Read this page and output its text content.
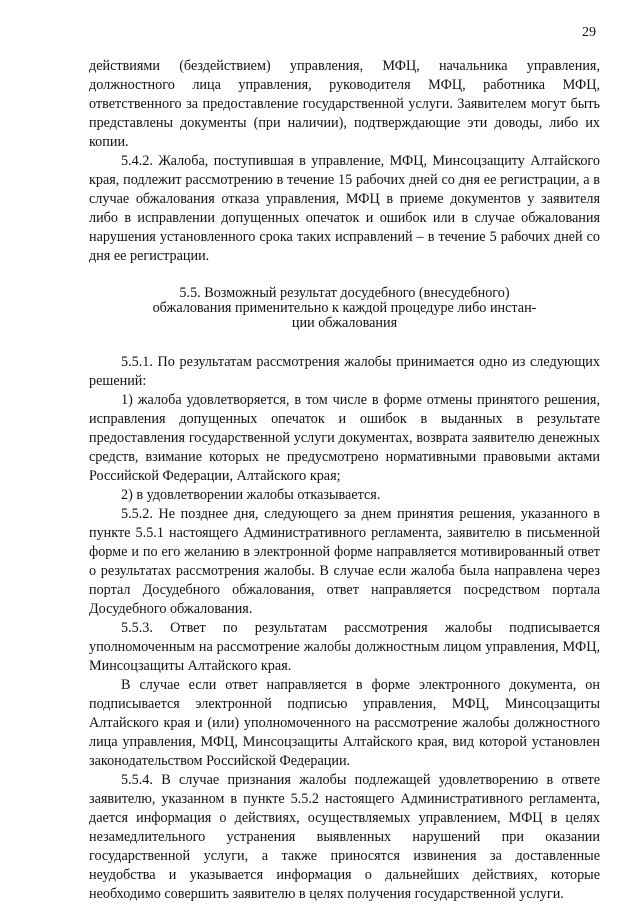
29

действиями (бездействием) управления, МФЦ, начальника управления, должностного лица управления, руководителя МФЦ, работника МФЦ, ответственного за предоставление государственной услуги. Заявителем могут быть представлены документы (при наличии), подтверждающие эти доводы, либо их копии.

5.4.2. Жалоба, поступившая в управление, МФЦ, Минсоцзащиту Алтайского края, подлежит рассмотрению в течение 15 рабочих дней со дня ее регистрации, а в случае обжалования отказа управления, МФЦ в приеме документов у заявителя либо в исправлении допущенных опечаток и ошибок или в случае обжалования нарушения установленного срока таких исправлений – в течение 5 рабочих дней со дня ее регистрации.

5.5. Возможный результат досудебного (внесудебного)
обжалования применительно к каждой процедуре либо инстан-
ции обжалования

5.5.1. По результатам рассмотрения жалобы принимается одно из следующих решений:

1) жалоба удовлетворяется, в том числе в форме отмены принятого решения, исправления допущенных опечаток и ошибок в выданных в результате предоставления государственной услуги документах, возврата заявителю денежных средств, взимание которых не предусмотрено нормативными правовыми актами Российской Федерации, Алтайского края;

2) в удовлетворении жалобы отказывается.

5.5.2. Не позднее дня, следующего за днем принятия решения, указанного в пункте 5.5.1 настоящего Административного регламента, заявителю в письменной форме и по его желанию в электронной форме направляется мотивированный ответ о результатах рассмотрения жалобы. В случае если жалоба была направлена через портал Досудебного обжалования, ответ направляется посредством портала Досудебного обжалования.

5.5.3. Ответ по результатам рассмотрения жалобы подписывается уполномоченным на рассмотрение жалобы должностным лицом управления, МФЦ, Минсоцзащиты Алтайского края.

В случае если ответ направляется в форме электронного документа, он подписывается электронной подписью управления, МФЦ, Минсоцзащиты Алтайского края и (или) уполномоченного на рассмотрение жалобы должностного лица управления, МФЦ, Минсоцзащиты Алтайского края, вид которой установлен законодательством Российской Федерации.

5.5.4. В случае признания жалобы подлежащей удовлетворению в ответе заявителю, указанном в пункте 5.5.2 настоящего Административного регламента, дается информация о действиях, осуществляемых управлением, МФЦ в целях незамедлительного устранения выявленных нарушений при оказании государственной услуги, а также приносятся извинения за доставленные неудобства и указывается информация о дальнейших действиях, которые необходимо совершить заявителю в целях получения государственной услуги.
